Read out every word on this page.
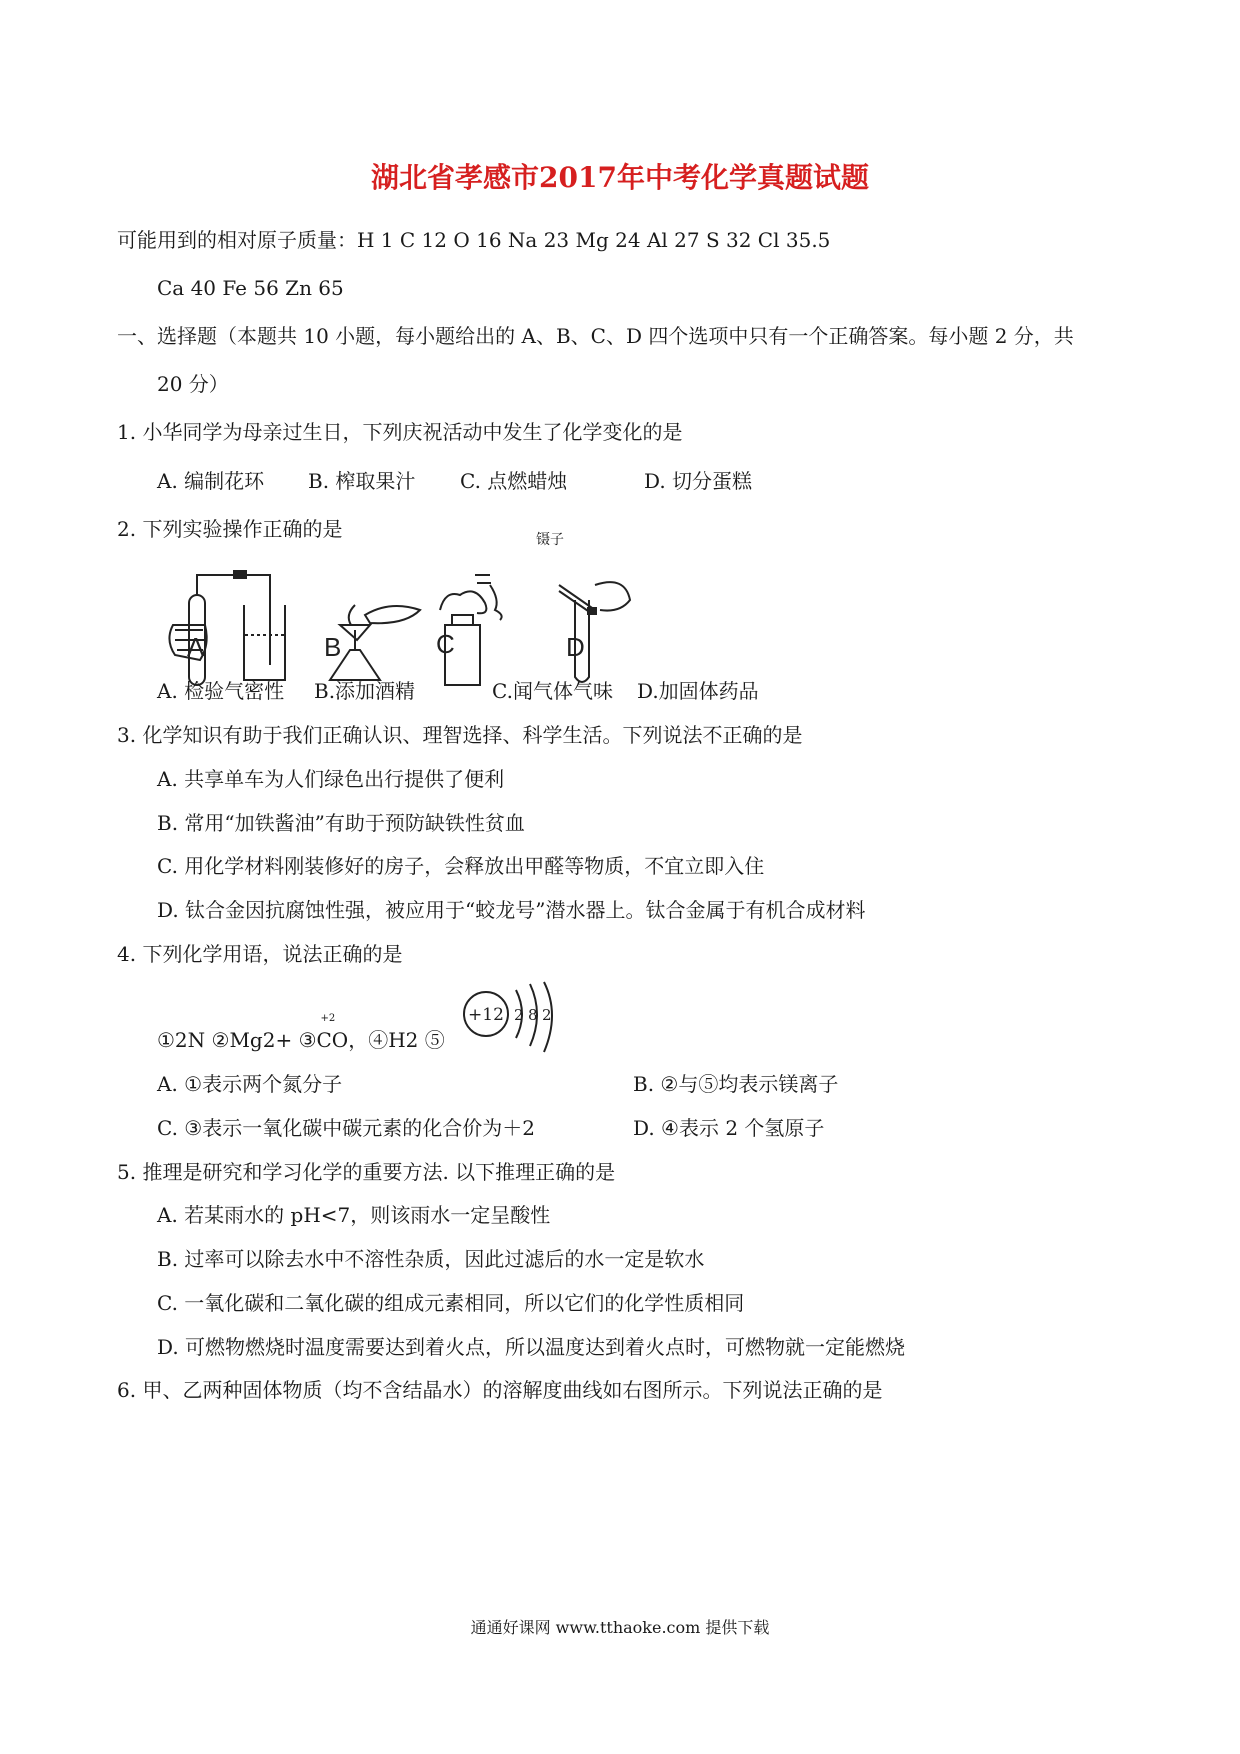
湖北省孝感市2017年中考化学真题试题
可能用到的相对原子质量：H 1 C 12 O 16 Na 23 Mg 24 Al 27 S 32 Cl 35.5
Ca 40 Fe 56 Zn 65
一、选择题（本题共 10 小题，每小题给出的 A、B、C、D 四个选项中只有一个正确答案。每小题 2 分，共
20 分）
1. 小华同学为母亲过生日，下列庆祝活动中发生了化学变化的是
A. 编制花环 B. 榨取果汁 C. 点燃蜡烛	D. 切分蛋糕
2. 下列实验操作正确的是
A	B	C	D
镊子
A. 检验气密性 B.添加酒精	C.闻气体气味 D.加固体药品
3. 化学知识有助于我们正确认识、理智选择、科学生活。下列说法不正确的是
A. 共享单车为人们绿色出行提供了便利
B. 常用“加铁酱油”有助于预防缺铁性贫血
C. 用化学材料刚装修好的房子，会释放出甲醛等物质，不宜立即入住
D. 钛合金因抗腐蚀性强，被应用于“蛟龙号”潜水器上。钛合金属于有机合成材料
4. 下列化学用语，说法正确的是
①2N ②Mg2+ ③
+2
CO，④H2 ⑤
+12 2 8 2
A. ①表示两个氮分子	B. ②与⑤均表示镁离子
C. ③表示一氧化碳中碳元素的化合价为＋2	D. ④表示 2 个氢原子
5. 推理是研究和学习化学的重要方法. 以下推理正确的是
A. 若某雨水的 pH<7，则该雨水一定呈酸性
B. 过率可以除去水中不溶性杂质，因此过滤后的水一定是软水
C. 一氧化碳和二氧化碳的组成元素相同，所以它们的化学性质相同
D. 可燃物燃烧时温度需要达到着火点，所以温度达到着火点时，可燃物就一定能燃烧
6. 甲、乙两种固体物质（均不含结晶水）的溶解度曲线如右图所示。下列说法正确的是
通通好课网 www.tthaoke.com 提供下载
